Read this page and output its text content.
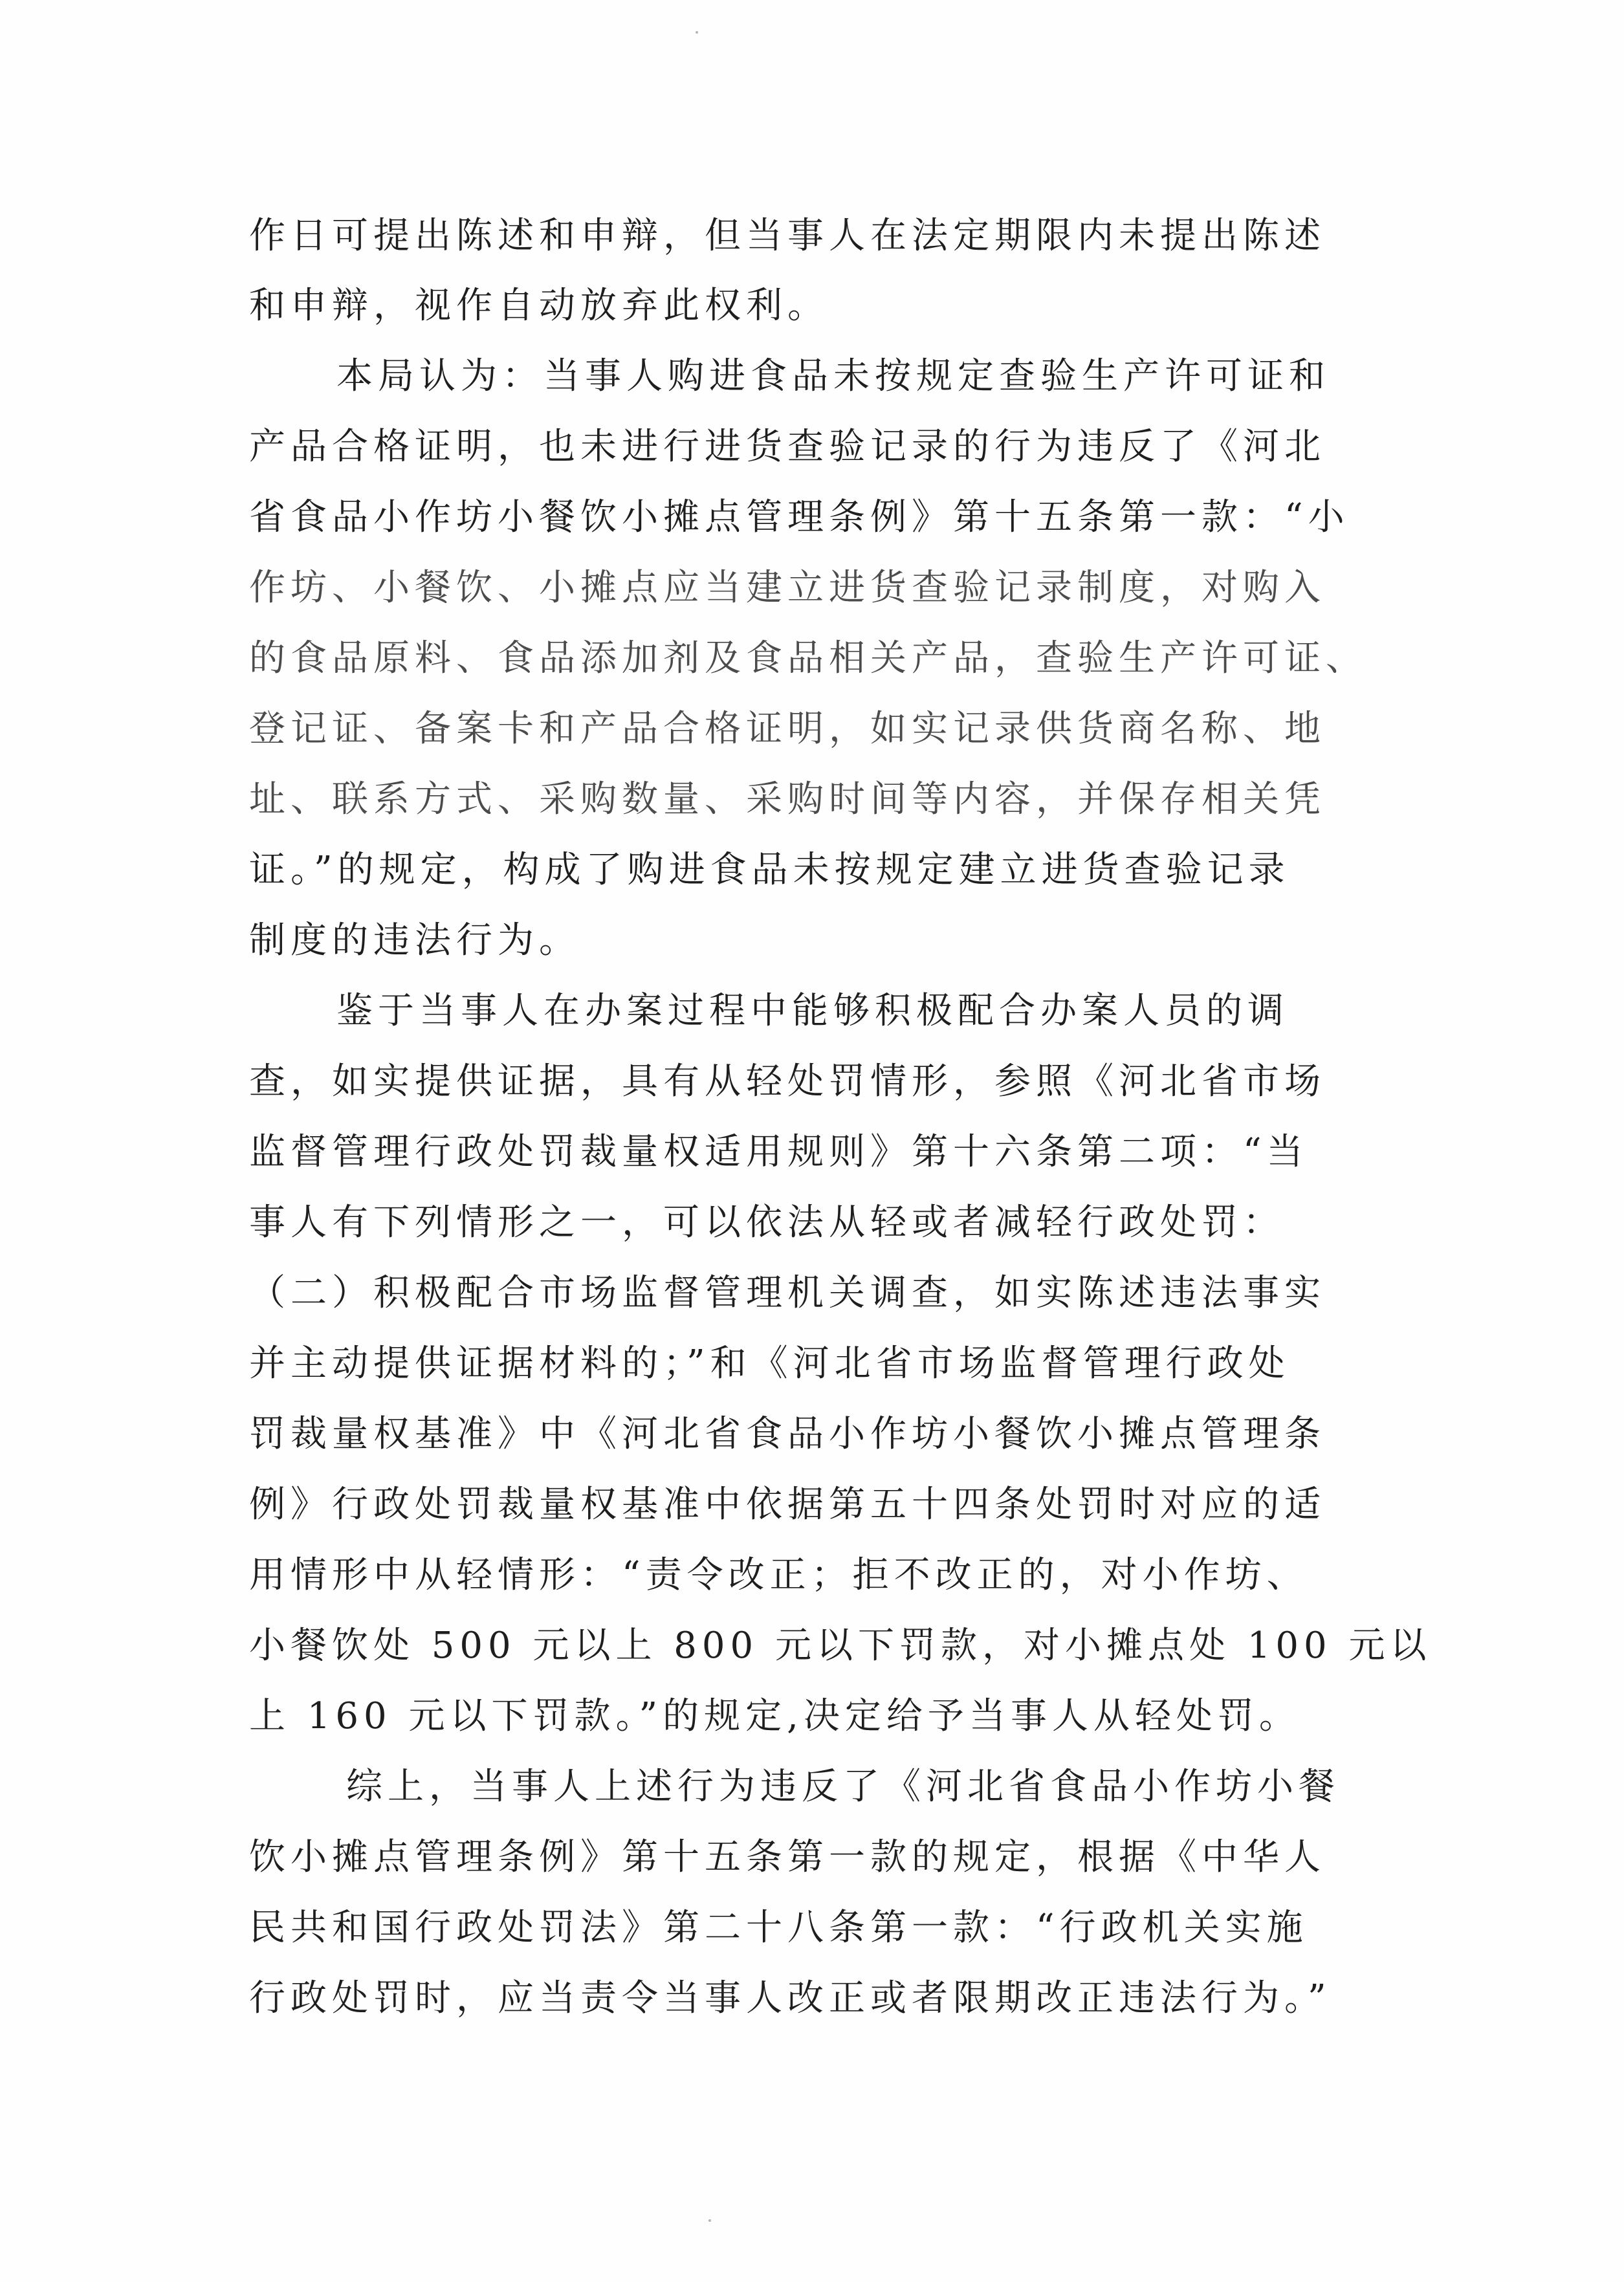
作日可提出陈述和申辩，但当事人在法定期限内未提出陈述
和申辩，视作自动放弃此权利。
本局认为：当事人购进食品未按规定查验生产许可证和
产品合格证明，也未进行进货查验记录的行为违反了《河北
省食品小作坊小餐饮小摊点管理条例》第十五条第一款：“小
作坊、小餐饮、小摊点应当建立进货查验记录制度，对购入
的食品原料、食品添加剂及食品相关产品，查验生产许可证、
登记证、备案卡和产品合格证明，如实记录供货商名称、地
址、联系方式、采购数量、采购时间等内容，并保存相关凭
证。”的规定，构成了购进食品未按规定建立进货查验记录
制度的违法行为。
鉴于当事人在办案过程中能够积极配合办案人员的调
查，如实提供证据，具有从轻处罚情形，参照《河北省市场
监督管理行政处罚裁量权适用规则》第十六条第二项：“当
事人有下列情形之一，可以依法从轻或者减轻行政处罚：
（二）积极配合市场监督管理机关调查，如实陈述违法事实
并主动提供证据材料的；”和《河北省市场监督管理行政处
罚裁量权基准》中《河北省食品小作坊小餐饮小摊点管理条
例》行政处罚裁量权基准中依据第五十四条处罚时对应的适
用情形中从轻情形：“责令改正；拒不改正的，对小作坊、
小餐饮处 500 元以上 800 元以下罚款，对小摊点处 100 元以
上 160 元以下罚款。”的规定,决定给予当事人从轻处罚。
综上，当事人上述行为违反了《河北省食品小作坊小餐
饮小摊点管理条例》第十五条第一款的规定，根据《中华人
民共和国行政处罚法》第二十八条第一款：“行政机关实施
行政处罚时，应当责令当事人改正或者限期改正违法行为。”
